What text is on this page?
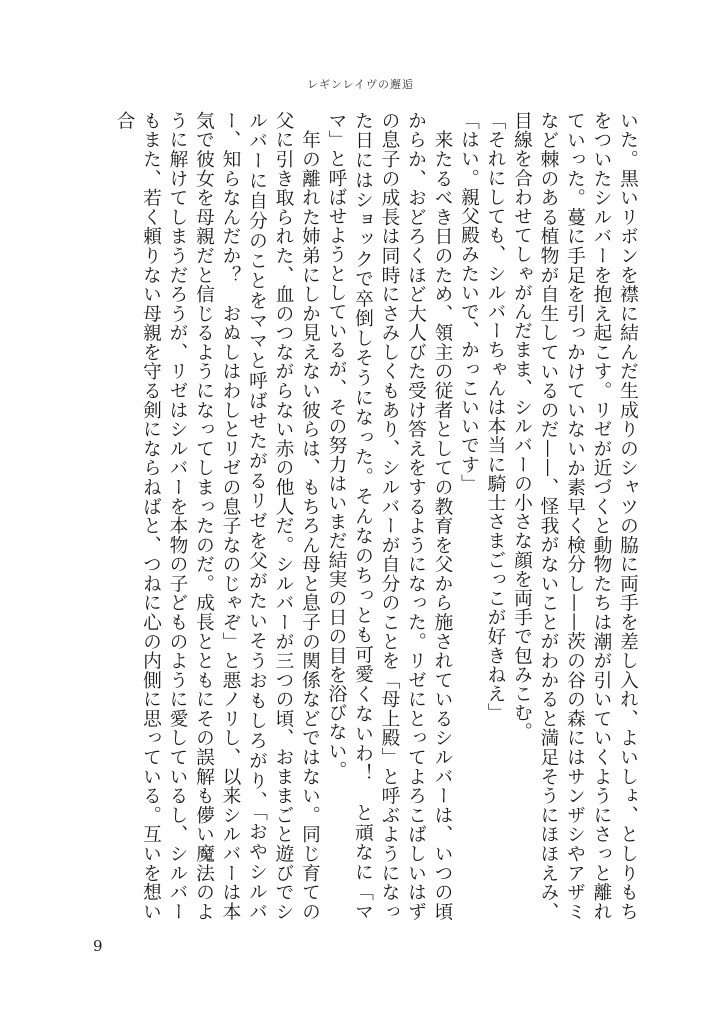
レギンレイヴの邂逅

いた。黒いリボンを襟に結んだ生成りのシャツの脇に両手を差し入れ、よいしょ、としりもちをついたシルバーを抱え起こす。リゼが近づくと動物たちは潮が引いていくようにさっと離れていった。蔓に手足を引っかけていないか素早く検分し——茨の谷の森にはサンザシやアザミなど棘のある植物が自生しているのだ——、怪我がないことがわかると満足そうにほほえみ、目線を合わせてしゃがんだまま、シルバーの小さな顔を両手で包みこむ。

「それにしても、シルバーちゃんは本当に騎士さまごっこが好きねえ」

「はい。親父殿みたいで、かっこいいです」

　来たるべき日のため、領主の従者としての教育を父から施されているシルバーは、いつの頃からか、おどろくほど大人びた受け答えをするようになった。リゼにとってよろこばしいはずの息子の成長は同時にさみしくもあり、シルバーが自分のことを「母上殿」と呼ぶようになった日にはショックで卒倒しそうになった。そんなのちっとも可愛くないわ！　と頑なに「ママ」と呼ばせようとしているが、その努力はいまだ結実の日の目を浴びない。

　年の離れた姉弟にしか見えない彼らは、もちろん母と息子の関係などではない。同じ育ての父に引き取られた、血のつながらない赤の他人だ。シルバーが三つの頃、おままごと遊びでシルバーに自分のことをママと呼ばせたがるリゼを父がたいそうおもしろがり、「おやシルバー、知らなんだか？　おぬしはわしとリゼの息子なのじゃぞ」と悪ノリし、以来シルバーは本気で彼女を母親だと信じるようになってしまったのだ。成長とともにその誤解も儚い魔法のように解けてしまうだろうが、リゼはシルバーを本物の子どものように愛しているし、シルバーもまた、若く頼りない母親を守る剣にならねばと、つねに心の内側に思っている。互いを想い合

9
